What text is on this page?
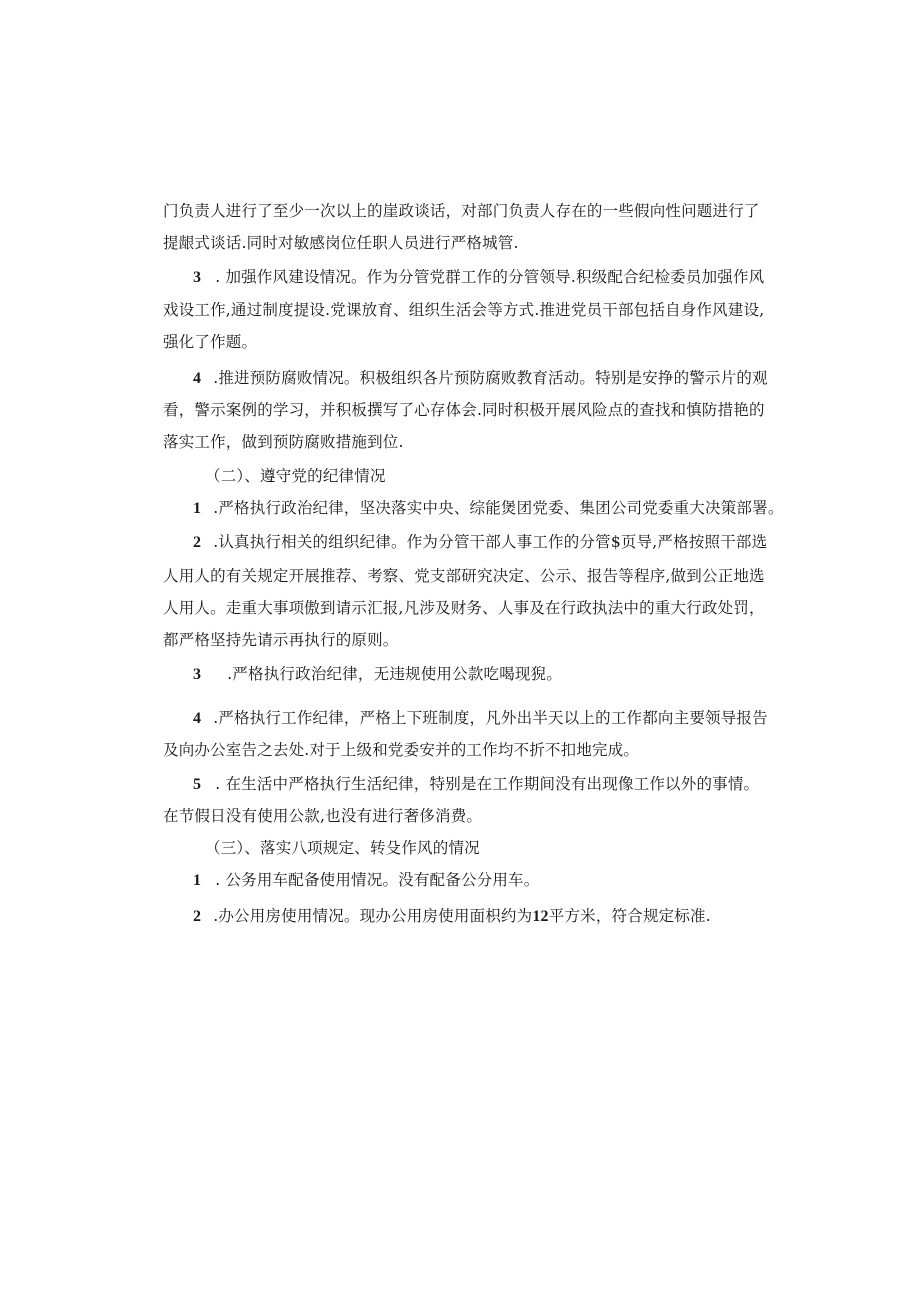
门负责人进行了至少一次以上的崖政谈话，对部门负责人存在的一些假向性问题进行了
提龈式谈话.同时对敏感岗位任职人员进行严格城管.
3 . 加强作风建设情况。作为分管党群工作的分管领导.积级配合纪检委员加强作风
戏设工作,通过制度提设.党课放育、组织生活会等方式.推进党员干部包括自身作风建设,
强化了作题。
4 .推进预防腐败情况。积极组织各片预防腐败教育活动。特别是安挣的警示片的观
看，警示案例的学习，并积板撰写了心存体会.同时积极开展风险点的查找和慎防措艳的
落实工作，做到预防腐败措施到位.
（二）、遵守党的纪律情况
1 .严格执行政治纪律，坚决落实中央、综能煲团党委、集团公司党委重大决策部署。
2 .认真执行相关的组织纪律。作为分管干部人事工作的分管$页导,严格按照干部选
人用人的有关规定开展推荐、考察、党支部研究决定、公示、报告等程序,做到公正地选
人用人。走重大事项傲到请示汇报,凡涉及财务、人事及在行政执法中的重大行政处罚，
都严格坚持先请示再执行的原则。
3 .严格执行政治纪律，无违规使用公款吃喝现猊。
4 .严格执行工作纪律，严格上下班制度，凡外出半天以上的工作都向主要领导报告
及向办公室告之去处.对于上级和党委安并的工作均不折不扣地完成。
5 . 在生活中严格执行生活纪律，特别是在工作期间没有出现像工作以外的事情。
在节假日没有使用公款,也没有进行奢侈消费。
（三）、落实八项规定、转殳作风的情况
1 . 公务用车配备使用情况。没有配备公分用车。
2 .办公用房使用情况。现办公用房使用面枳约为12平方米，符合规定标准.
